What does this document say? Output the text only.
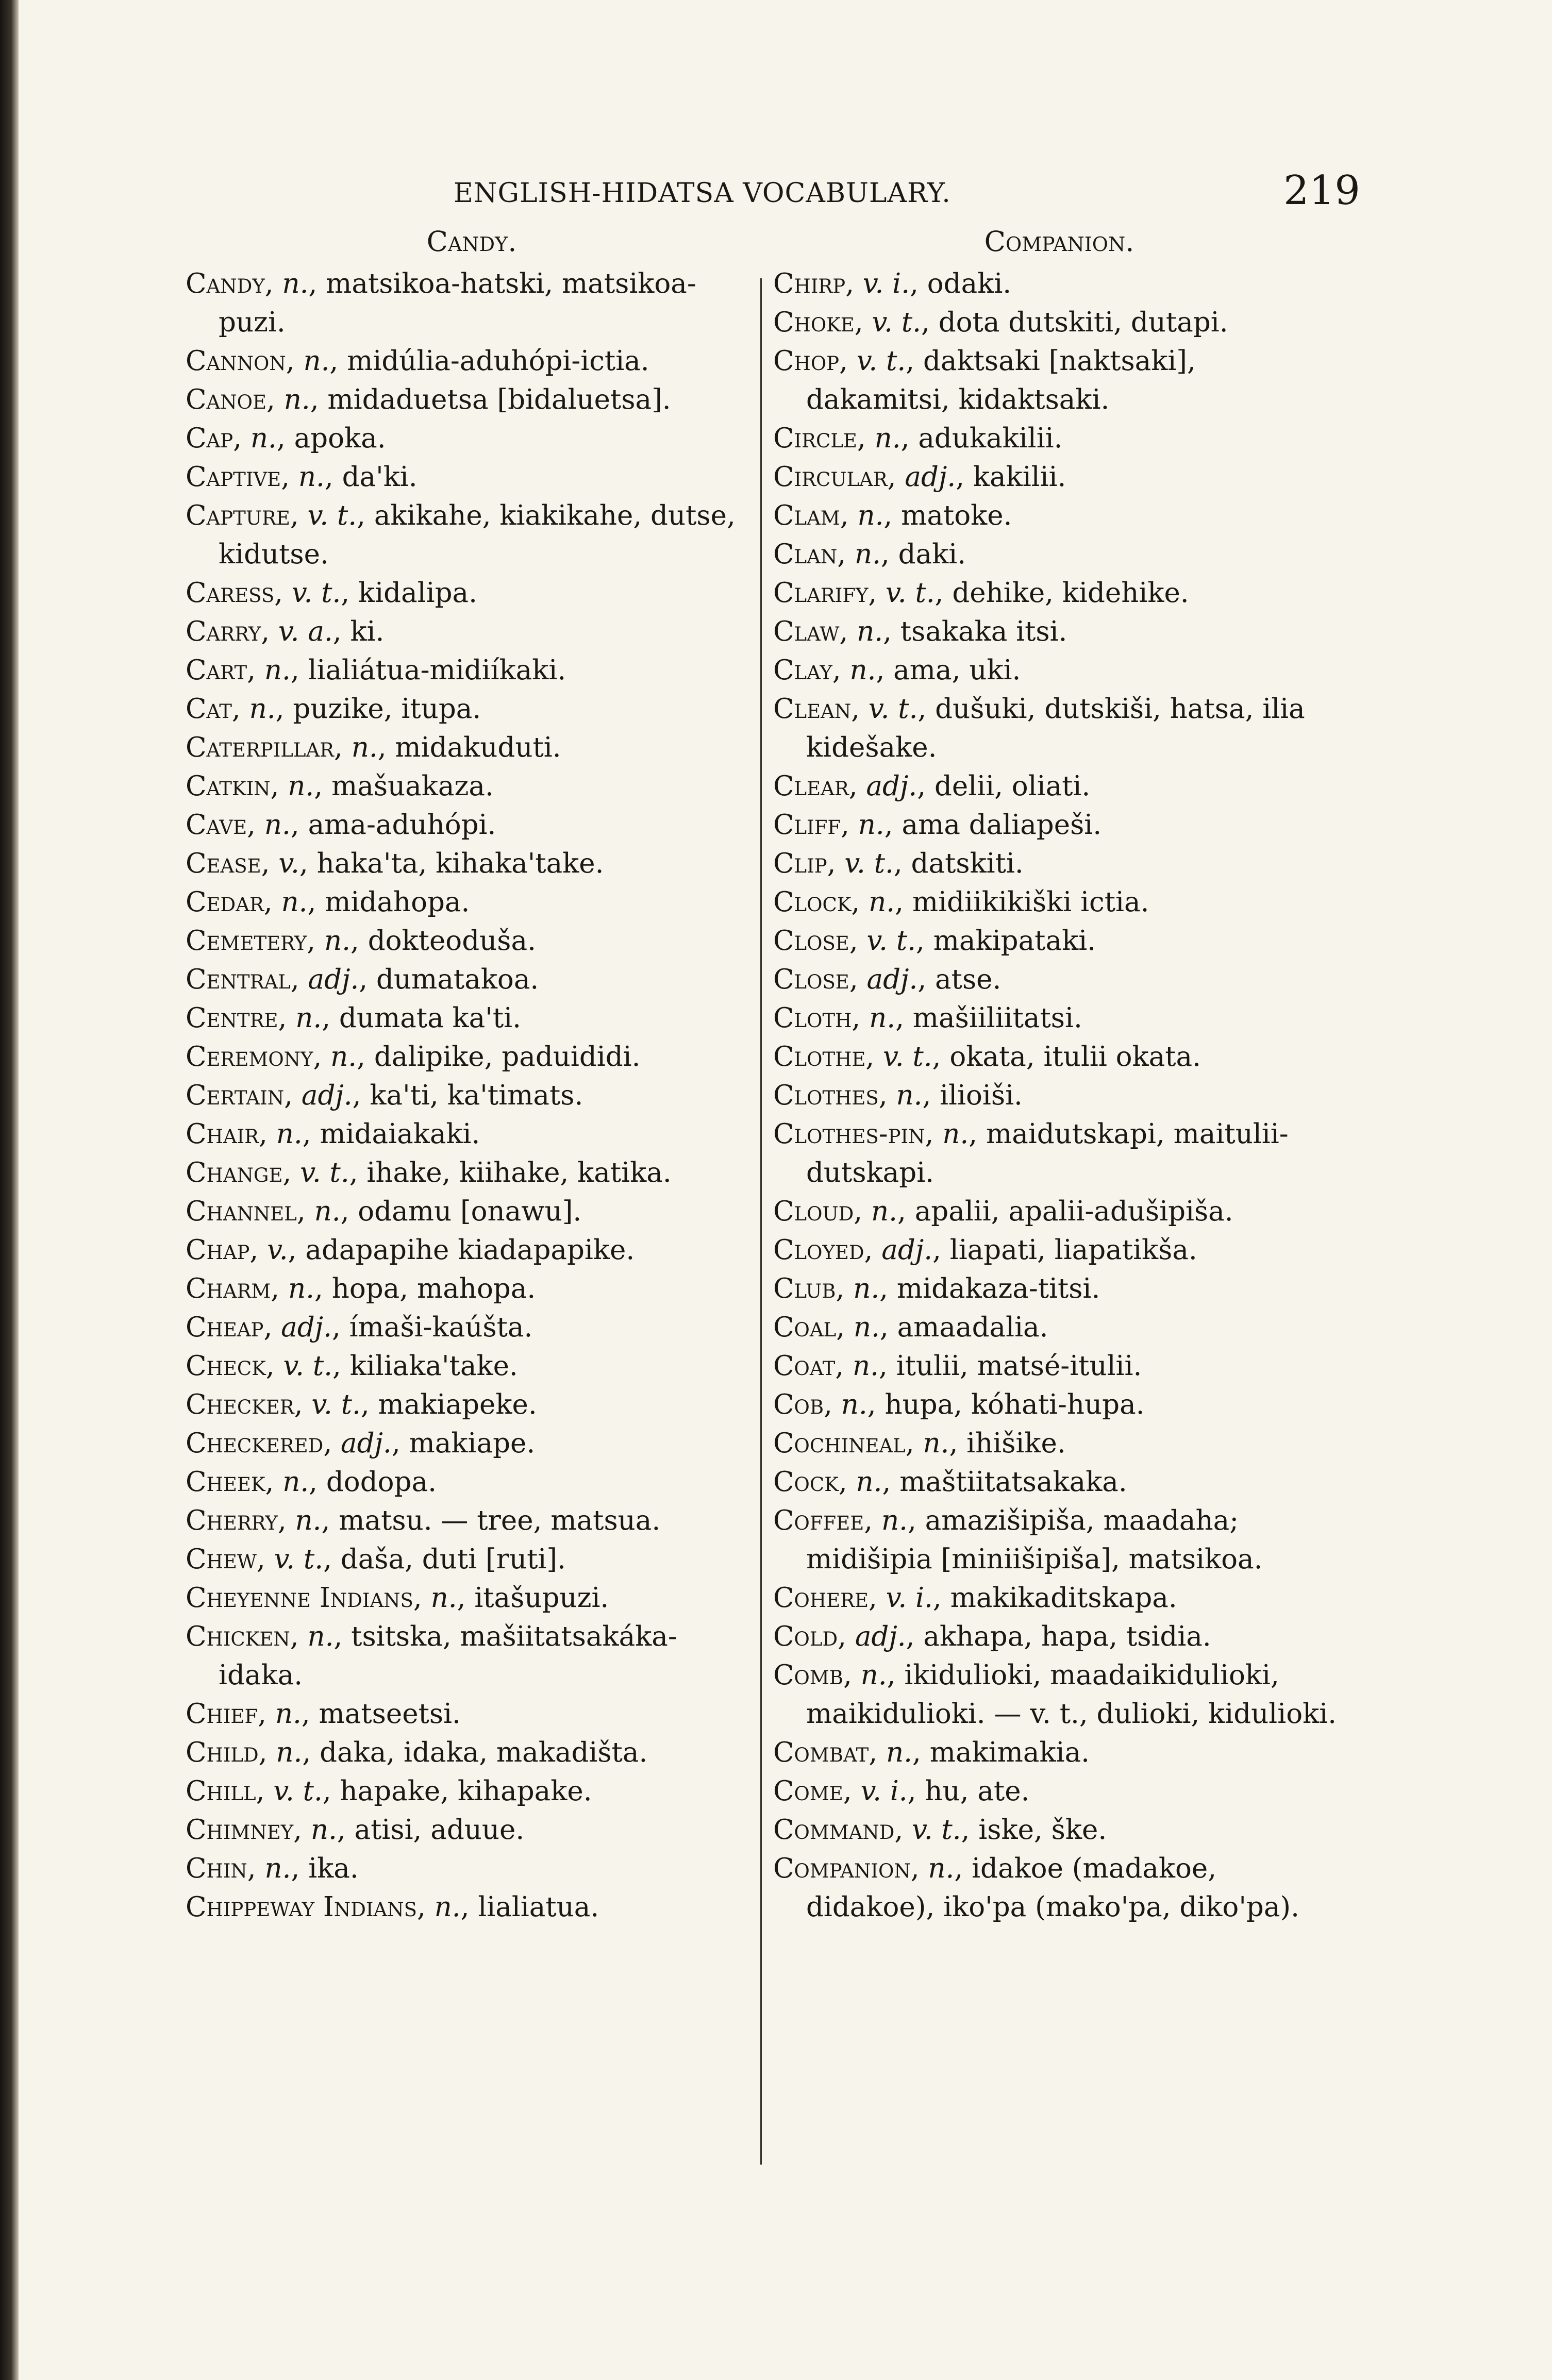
ENGLISH-HIDATSA VOCABULARY.	219
Candy.
Candy, n., matsikoa-hatski, matsikoa-puzi.
Cannon, n., midúlia-aduhópi-ictia.
Canoe, n., midaduetsa [bidaluetsa].
Cap, n., apoka.
Captive, n., da'ki.
Capture, v. t., akikahe, kiakikahe, dutse, kidutse.
Caress, v. t., kidalipa.
Carry, v. a., ki.
Cart, n., lialiátua-midiíkaki.
Cat, n., puzike, itupa.
Caterpillar, n., midakuduti.
Catkin, n., mašuakaza.
Cave, n., ama-aduhópi.
Cease, v., haka'ta, kihaka'take.
Cedar, n., midahopa.
Cemetery, n., dokteoduša.
Central, adj., dumatakoa.
Centre, n., dumata ka'ti.
Ceremony, n., dalipike, paduididi.
Certain, adj., ka'ti, ka'timats.
Chair, n., midaiakaki.
Change, v. t., ihake, kiihake, katika.
Channel, n., odamu [onawu].
Chap, v., adapapihe kiadapapike.
Charm, n., hopa, mahopa.
Cheap, adj., ímaši-kaúšta.
Check, v. t., kiliaka'take.
Checker, v. t., makiapeke.
Checkered, adj., makiape.
Cheek, n., dodopa.
Cherry, n., matsu. — tree, matsua.
Chew, v. t., daša, duti [ruti].
Cheyenne Indians, n., itašupuzi.
Chicken, n., tsitska, mašiitatsakáka-idaka.
Chief, n., matseetsi.
Child, n., daka, idaka, makadišta.
Chill, v. t., hapake, kihapake.
Chimney, n., atisi, aduue.
Chin, n., ika.
Chippeway Indians, n., lialiatua.
Companion.
Chirp, v. i., odaki.
Choke, v. t., dota dutskiti, dutapi.
Chop, v. t., daktsaki [naktsaki], dakamitsi, kidaktsaki.
Circle, n., adukakilii.
Circular, adj., kakilii.
Clam, n., matoke.
Clan, n., daki.
Clarify, v. t., dehike, kidehike.
Claw, n., tsakaka itsi.
Clay, n., ama, uki.
Clean, v. t., dušuki, dutskiši, hatsa, ilia kidešake.
Clear, adj., delii, oliati.
Cliff, n., ama daliapeši.
Clip, v. t., datskiti.
Clock, n., midiikikiški ictia.
Close, v. t., makipataki.
Close, adj., atse.
Cloth, n., mašiiliitatsi.
Clothe, v. t., okata, itulii okata.
Clothes, n., ilioiši.
Clothes-pin, n., maidutskapi, maitulii-dutskapi.
Cloud, n., apalii, apalii-adušipiša.
Cloyed, adj., liapati, liapatikša.
Club, n., midakaza-titsi.
Coal, n., amaadalia.
Coat, n., itulii, matsé-itulii.
Cob, n., hupa, kóhati-hupa.
Cochineal, n., ihišike.
Cock, n., maštiitatsakaka.
Coffee, n., amazišipiša, maadaha; midišipia [miniišipiša], matsikoa.
Cohere, v. i., makikaditskapa.
Cold, adj., akhapa, hapa, tsidia.
Comb, n., ikidulioki, maadaikidulioki, maikidulioki. — v. t., dulioki, kidulioki.
Combat, n., makimakia.
Come, v. i., hu, ate.
Command, v. t., iske, ške.
Companion, n., idakoe (madakoe, didakoe), iko'pa (mako'pa, diko'pa).
